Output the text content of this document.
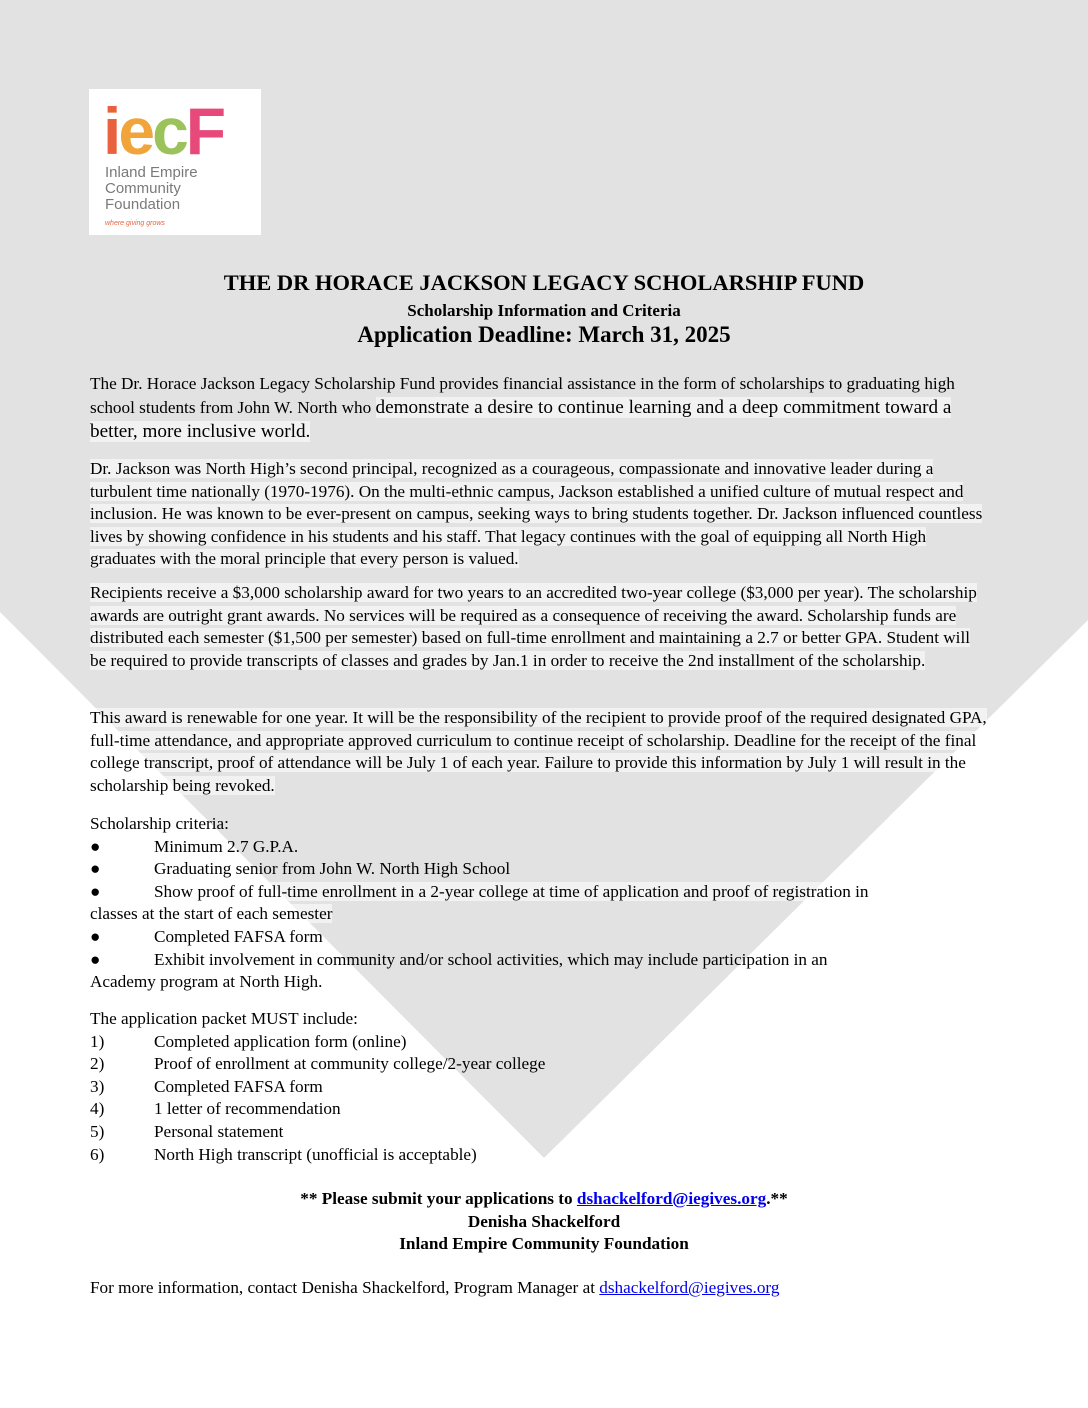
iecF
Inland Empire
Community
Foundation
where giving grows
THE DR HORACE JACKSON LEGACY SCHOLARSHIP FUND
Scholarship Information and Criteria
Application Deadline: March 31, 2025
The Dr. Horace Jackson Legacy Scholarship Fund provides financial assistance in the form of scholarships to graduating high school students from John W. North who demonstrate a desire to continue learning and a deep commitment toward a better, more inclusive world.
Dr. Jackson was North High’s second principal, recognized as a courageous, compassionate and innovative leader during a turbulent time nationally (1970-1976). On the multi-ethnic campus, Jackson established a unified culture of mutual respect and inclusion. He was known to be ever-present on campus, seeking ways to bring students together. Dr. Jackson influenced countless lives by showing confidence in his students and his staff. That legacy continues with the goal of equipping all North High graduates with the moral principle that every person is valued.
Recipients receive a $3,000 scholarship award for two years to an accredited two-year college ($3,000 per year). The scholarship awards are outright grant awards. No services will be required as a consequence of receiving the award. Scholarship funds are distributed each semester ($1,500 per semester) based on full-time enrollment and maintaining a 2.7 or better GPA. Student will be required to provide transcripts of classes and grades by Jan.1 in order to receive the 2nd installment of the scholarship.
This award is renewable for one year. It will be the responsibility of the recipient to provide proof of the required designated GPA, full-time attendance, and appropriate approved curriculum to continue receipt of scholarship. Deadline for the receipt of the final college transcript, proof of attendance will be July 1 of each year. Failure to provide this information by July 1 will result in the scholarship being revoked.
Scholarship criteria:
●	Minimum 2.7 G.P.A.
●	Graduating senior from John W. North High School
●	Show proof of full-time enrollment in a 2-year college at time of application and proof of registration in
classes at the start of each semester
●	Completed FAFSA form
●	Exhibit involvement in community and/or school activities, which may include participation in an
Academy program at North High.
The application packet MUST include:
1)	Completed application form (online)
2)	Proof of enrollment at community college/2-year college
3)	Completed FAFSA form
4)	1 letter of recommendation
5)	Personal statement
6)	North High transcript (unofficial is acceptable)
** Please submit your applications to dshackelford@iegives.org.**
Denisha Shackelford
Inland Empire Community Foundation
For more information, contact Denisha Shackelford, Program Manager at dshackelford@iegives.org
